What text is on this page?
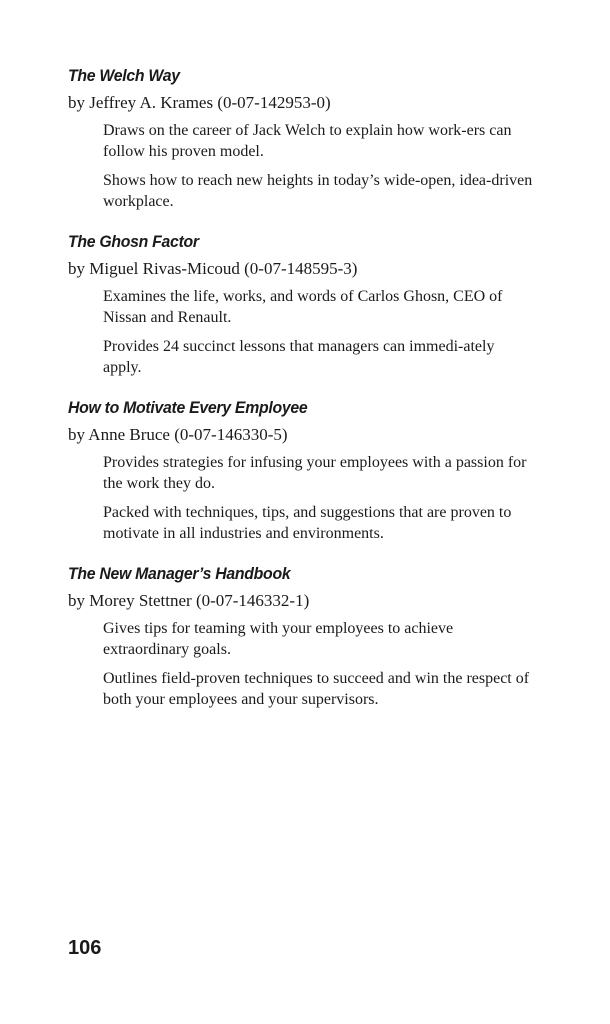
The Welch Way
by Jeffrey A. Krames (0-07-142953-0)
Draws on the career of Jack Welch to explain how work-ers can follow his proven model.
Shows how to reach new heights in today’s wide-open, idea-driven workplace.
The Ghosn Factor
by Miguel Rivas-Micoud (0-07-148595-3)
Examines the life, works, and words of Carlos Ghosn, CEO of Nissan and Renault.
Provides 24 succinct lessons that managers can immedi-ately apply.
How to Motivate Every Employee
by Anne Bruce (0-07-146330-5)
Provides strategies for infusing your employees with a passion for the work they do.
Packed with techniques, tips, and suggestions that are proven to motivate in all industries and environments.
The New Manager’s Handbook
by Morey Stettner (0-07-146332-1)
Gives tips for teaming with your employees to achieve extraordinary goals.
Outlines field-proven techniques to succeed and win the respect of both your employees and your supervisors.
106
